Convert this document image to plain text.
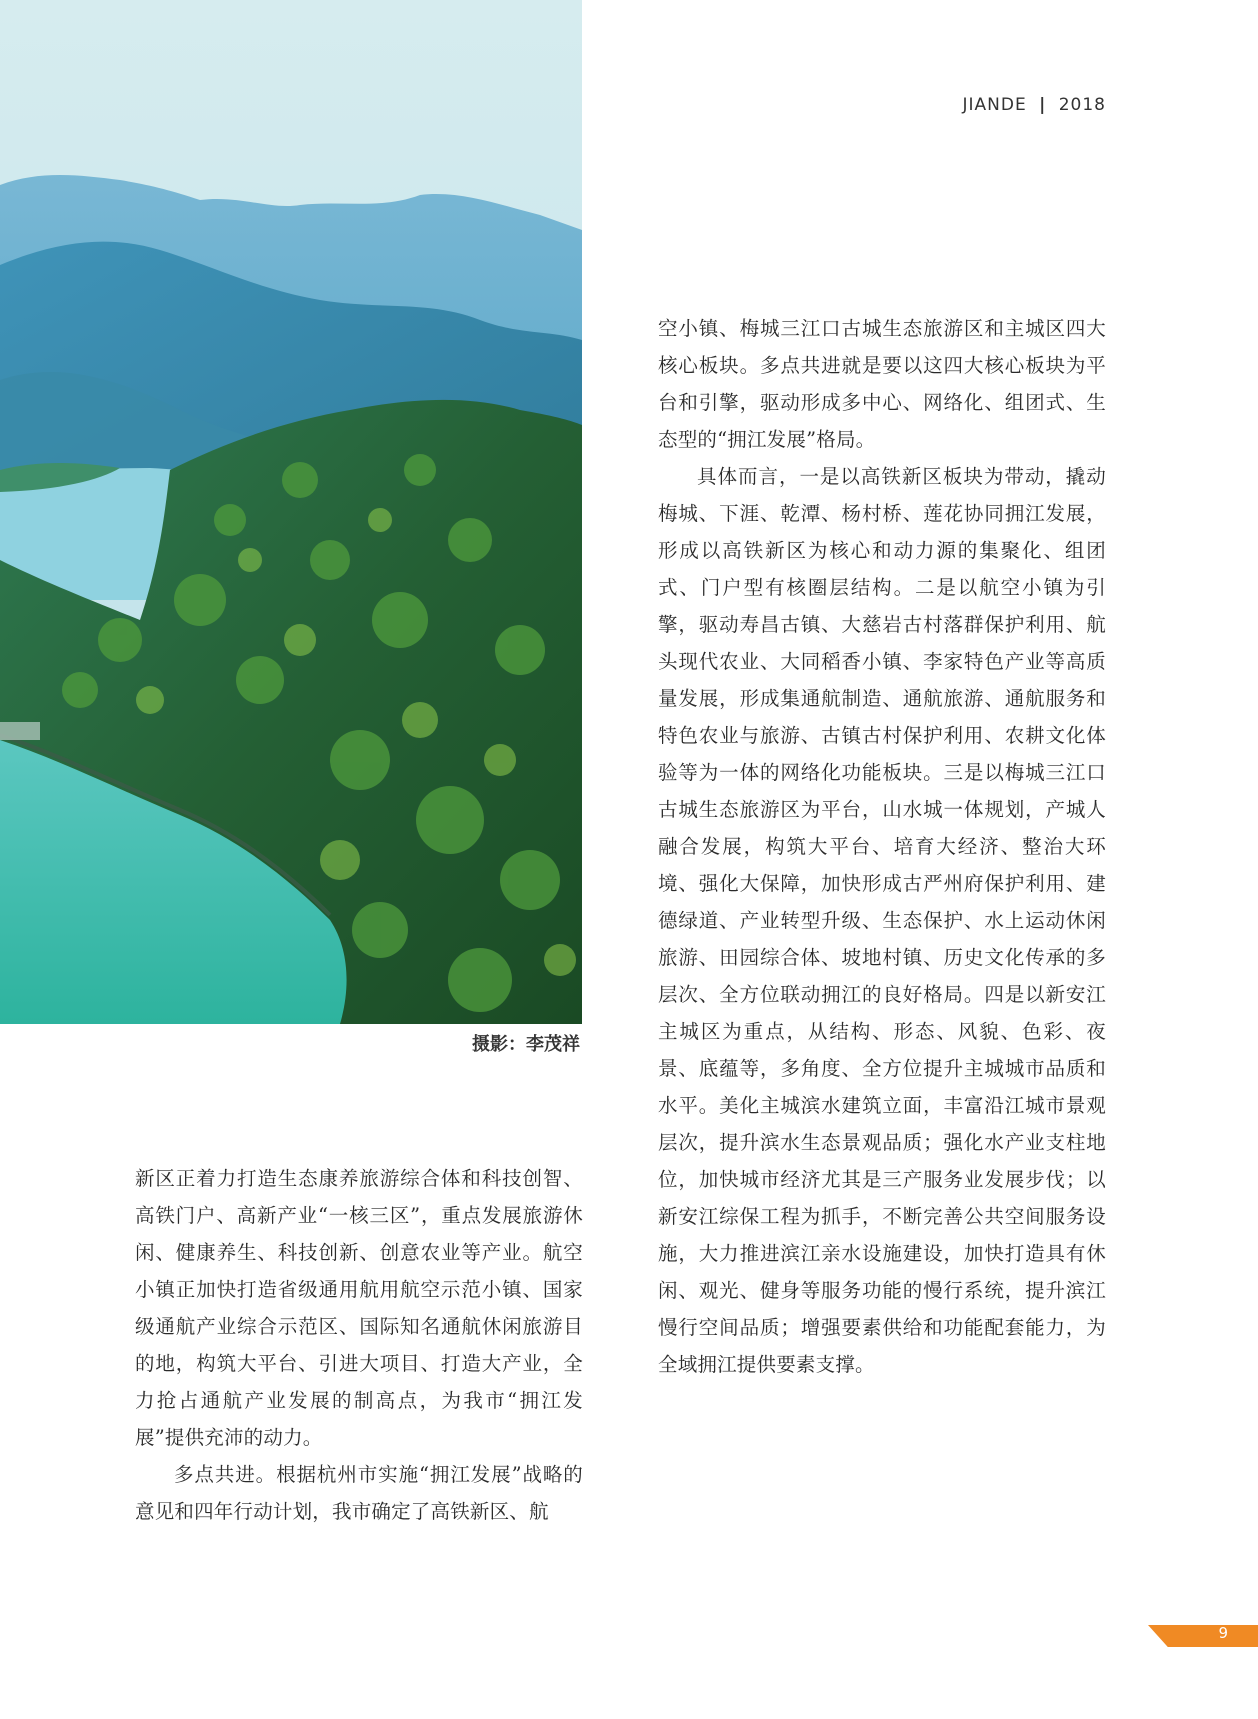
摄影：李茂祥
JIANDE | 2018

新区正着力打造生态康养旅游综合体和科技创智、高铁门户、高新产业“一核三区”，重点发展旅游休闲、健康养生、科技创新、创意农业等产业。航空小镇正加快打造省级通用航用航空示范小镇、国家级通航产业综合示范区、国际知名通航休闲旅游目的地，构筑大平台、引进大项目、打造大产业，全力抢占通航产业发展的制高点，为我市“拥江发展”提供充沛的动力。

多点共进。根据杭州市实施“拥江发展”战略的意见和四年行动计划，我市确定了高铁新区、航

空小镇、梅城三江口古城生态旅游区和主城区四大核心板块。多点共进就是要以这四大核心板块为平台和引擎，驱动形成多中心、网络化、组团式、生态型的“拥江发展”格局。

具体而言，一是以高铁新区板块为带动，撬动梅城、下涯、乾潭、杨村桥、莲花协同拥江发展，形成以高铁新区为核心和动力源的集聚化、组团式、门户型有核圈层结构。二是以航空小镇为引擎，驱动寿昌古镇、大慈岩古村落群保护利用、航头现代农业、大同稻香小镇、李家特色产业等高质量发展，形成集通航制造、通航旅游、通航服务和特色农业与旅游、古镇古村保护利用、农耕文化体验等为一体的网络化功能板块。三是以梅城三江口古城生态旅游区为平台，山水城一体规划，产城人融合发展，构筑大平台、培育大经济、整治大环境、强化大保障，加快形成古严州府保护利用、建德绿道、产业转型升级、生态保护、水上运动休闲旅游、田园综合体、坡地村镇、历史文化传承的多层次、全方位联动拥江的良好格局。四是以新安江主城区为重点，从结构、形态、风貌、色彩、夜景、底蕴等，多角度、全方位提升主城城市品质和水平。美化主城滨水建筑立面，丰富沿江城市景观层次，提升滨水生态景观品质；强化水产业支柱地位，加快城市经济尤其是三产服务业发展步伐；以新安江综保工程为抓手，不断完善公共空间服务设施，大力推进滨江亲水设施建设，加快打造具有休闲、观光、健身等服务功能的慢行系统，提升滨江慢行空间品质；增强要素供给和功能配套能力，为全域拥江提供要素支撑。

9
